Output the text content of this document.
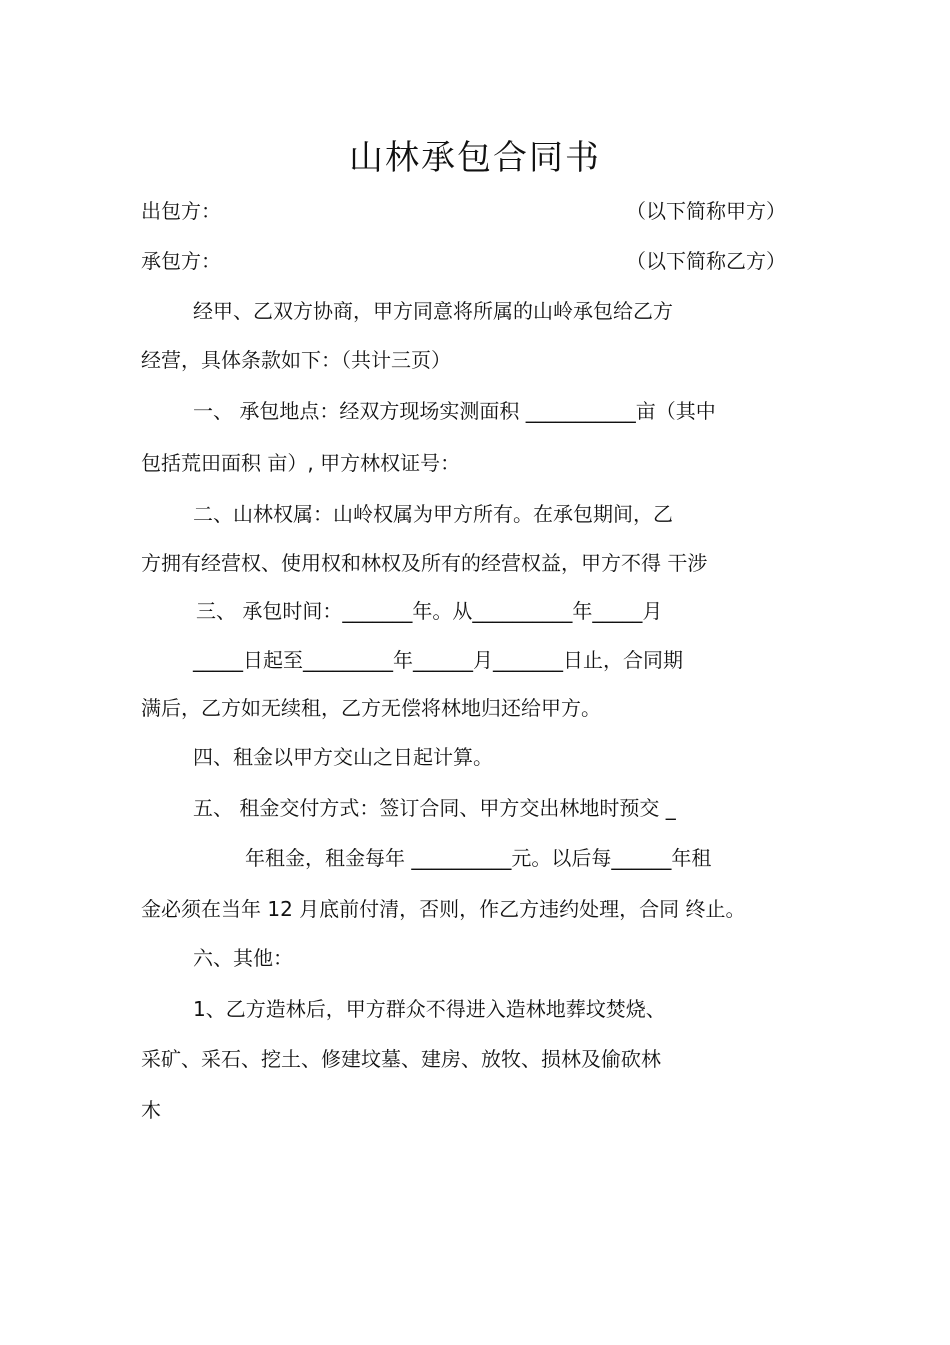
山林承包合同书
出包方：	（以下简称甲方）
承包方：	（以下简称乙方）
经甲、乙双方协商，甲方同意将所属的山岭承包给乙方
经营，具体条款如下：（共计三页）
一、 承包地点：经双方现场实测面积 ___________亩（其中
包括荒田面积 亩）, 甲方林权证号：
二、山林权属：山岭权属为甲方所有。在承包期间，乙
方拥有经营权、使用权和林权及所有的经营权益，甲方不得 干涉
三、 承包时间：_______年。从__________年_____月
_____日起至_________年______月_______日止，合同期
满后，乙方如无续租，乙方无偿将林地归还给甲方。
四、租金以甲方交山之日起计算。
五、 租金交付方式：签订合同、甲方交出林地时预交 _
年租金，租金每年 __________元。以后每______年租
金必须在当年 12 月底前付清，否则，作乙方违约处理，合同 终止。
六、其他：
1、乙方造林后，甲方群众不得进入造林地葬坟焚烧、
采矿、采石、挖土、修建坟墓、建房、放牧、损林及偷砍林
木
